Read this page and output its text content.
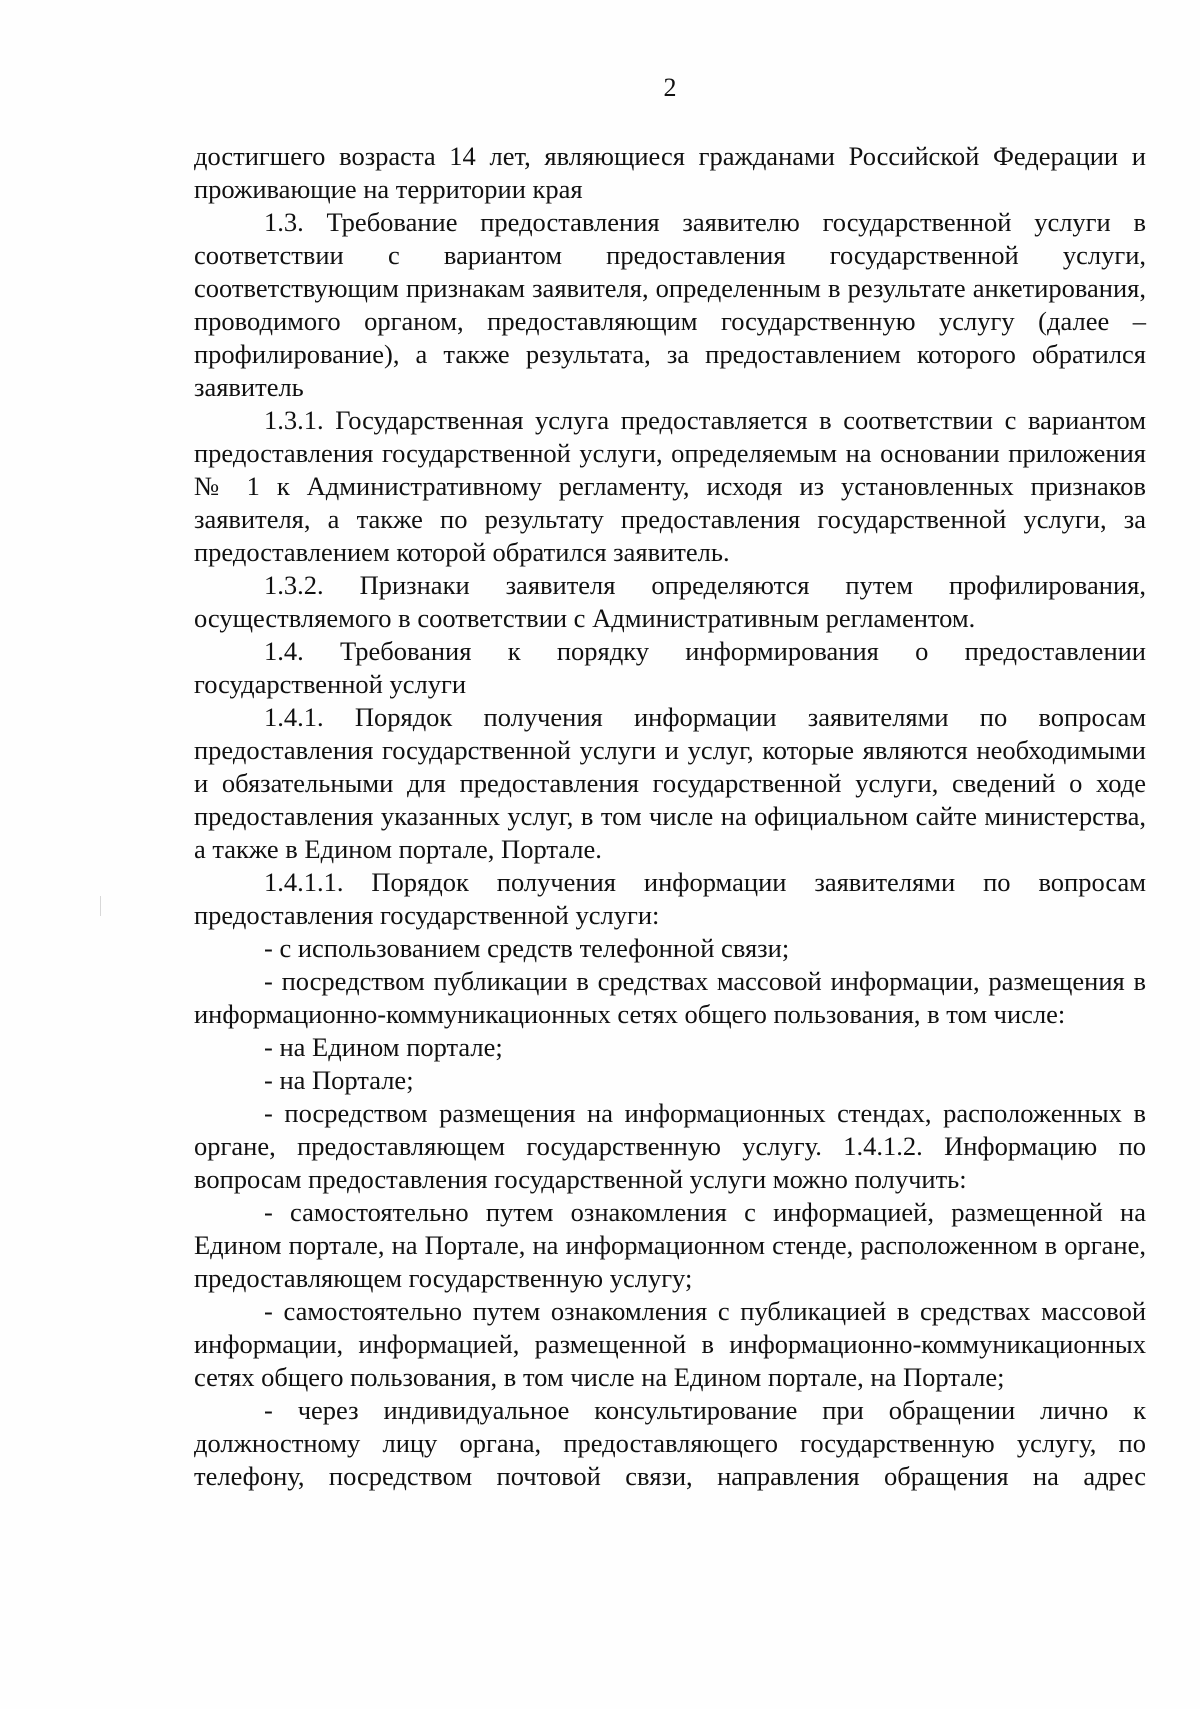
2

достигшего возраста 14 лет, являющиеся гражданами Российской Федерации и проживающие на территории края

1.3. Требование предоставления заявителю государственной услуги в соответствии с вариантом предоставления государственной услуги, соответствующим признакам заявителя, определенным в результате анкетирования, проводимого органом, предоставляющим государственную услугу (далее – профилирование), а также результата, за предоставлением которого обратился заявитель

1.3.1. Государственная услуга предоставляется в соответствии с вариантом предоставления государственной услуги, определяемым на основании приложения № 1 к Административному регламенту, исходя из установленных признаков заявителя, а также по результату предоставления государственной услуги, за предоставлением которой обратился заявитель.

1.3.2. Признаки заявителя определяются путем профилирования, осуществляемого в соответствии с Административным регламентом.

1.4. Требования к порядку информирования о предоставлении государственной услуги

1.4.1. Порядок получения информации заявителями по вопросам предоставления государственной услуги и услуг, которые являются необходимыми и обязательными для предоставления государственной услуги, сведений о ходе предоставления указанных услуг, в том числе на официальном сайте министерства, а также в Едином портале, Портале.

1.4.1.1. Порядок получения информации заявителями по вопросам предоставления государственной услуги:

- с использованием средств телефонной связи;

- посредством публикации в средствах массовой информации, размещения в информационно-коммуникационных сетях общего пользования, в том числе:

- на Едином портале;

- на Портале;

- посредством размещения на информационных стендах, расположенных в органе, предоставляющем государственную услугу. 1.4.1.2. Информацию по вопросам предоставления государственной услуги можно получить:

- самостоятельно путем ознакомления с информацией, размещенной на Едином портале, на Портале, на информационном стенде, расположенном в органе, предоставляющем государственную услугу;

- самостоятельно путем ознакомления с публикацией в средствах массовой информации, информацией, размещенной в информационно-коммуникационных сетях общего пользования, в том числе на Едином портале, на Портале;

- через индивидуальное консультирование при обращении лично к должностному лицу органа, предоставляющего государственную услугу, по телефону, посредством почтовой связи, направления обращения на адрес
